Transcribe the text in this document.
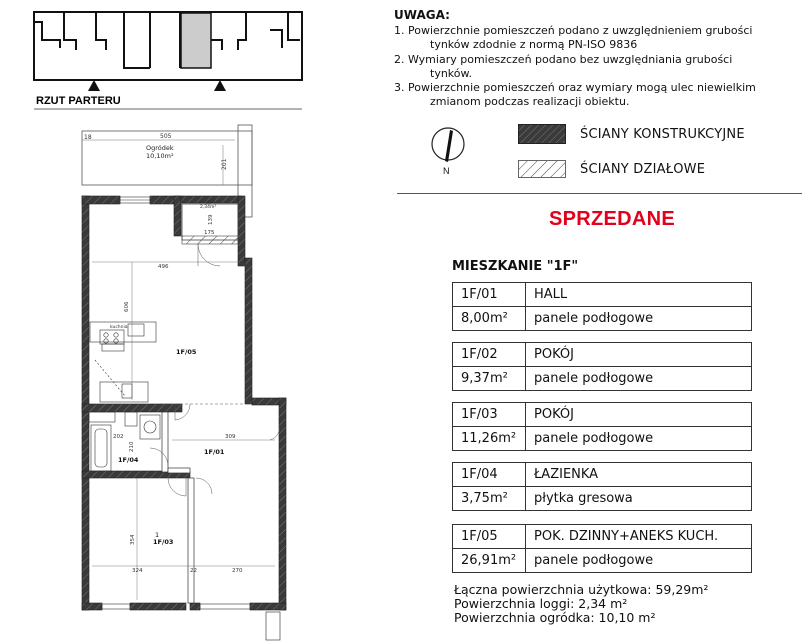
RZUT PARTERU
18	505
201
Ogródek
10,10m²
Loggia
2,34m²
139
175
kuchnia
496
606
309
202
210
354
324	270
22
1F/05
1F/01
1F/04
1F/03
1
UWAGA:
1. Powierzchnie pomieszczeń podano z uwzględnieniem grubości
tynków zdodnie z normą PN-ISO 9836
2. Wymiary pomieszczeń podano bez uwzględniania grubości
tynków.
3. Powierzchnie pomieszczeń oraz wymiary mogą ulec niewielkim
zmianom podczas realizacji obiektu.
N
ŚCIANY KONSTRUKCYJNE
ŚCIANY DZIAŁOWE
SPRZEDANE
MIESZKANIE "1F"
1F/01	HALL
8,00m²	panele podłogowe
1F/02	POKÓJ
9,37m²	panele podłogowe
1F/03	POKÓJ
11,26m²	panele podłogowe
1F/04	ŁAZIENKA
3,75m²	płytka gresowa
1F/05	POK. DZINNY+ANEKS KUCH.
26,91m²	panele podłogowe
Łączna powierzchnia użytkowa: 59,29m²
Powierzchnia loggi: 2,34 m²
Powierzchnia ogródka: 10,10 m²
